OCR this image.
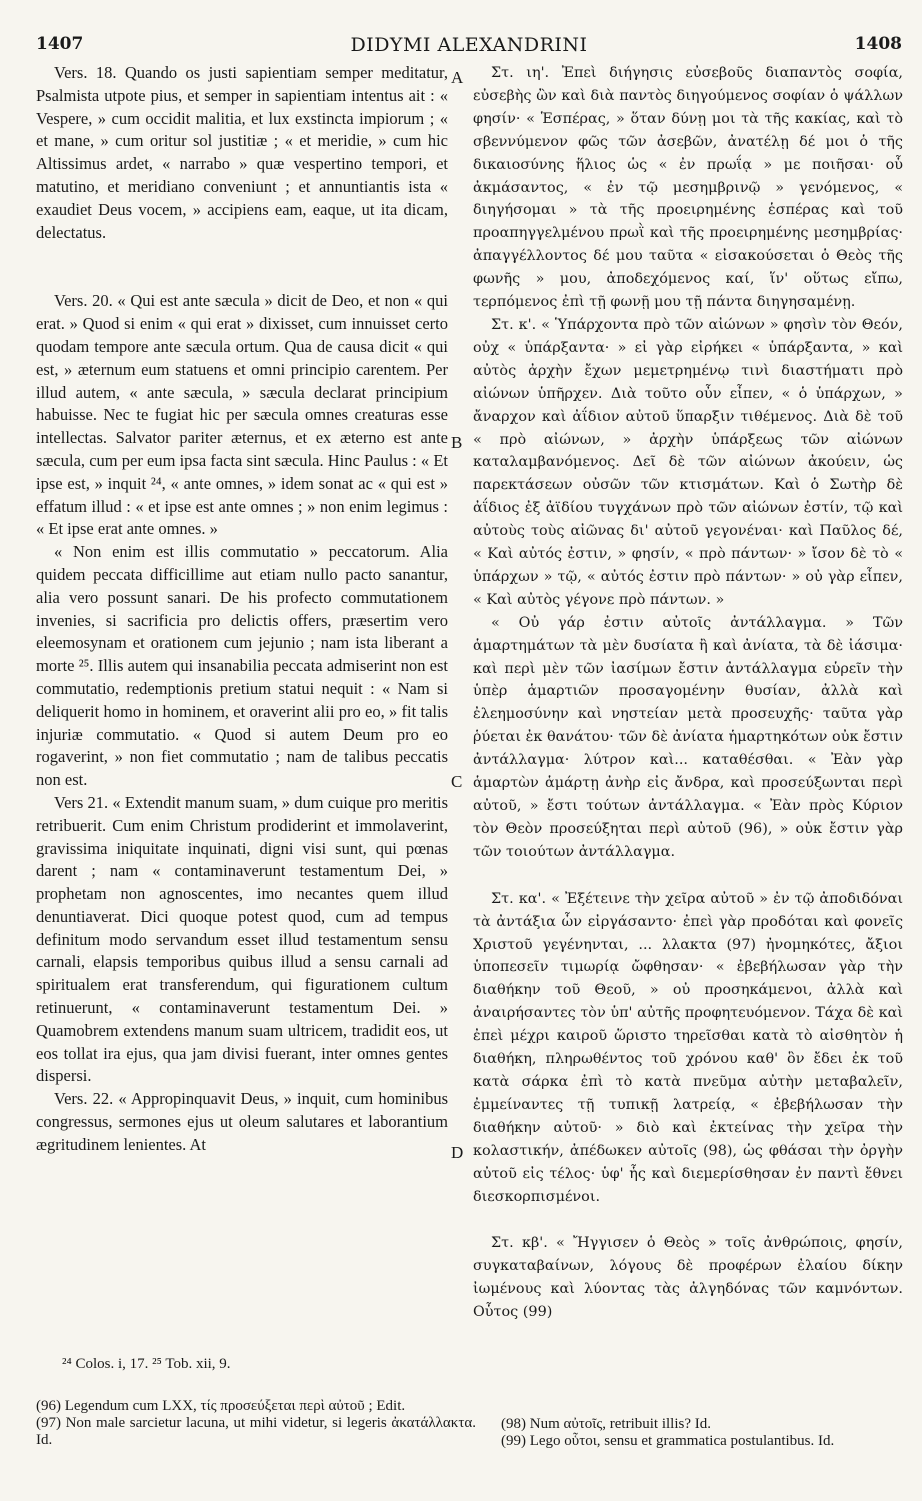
1407	DIDYMI ALEXANDRINI	1408

Vers. 18. Quando os justi sapientiam semper meditatur, Psalmista utpote pius, et semper in sapientiam intentus ait : « Vespere, » cum occidit malitia, et lux exstincta impiorum ; « et mane, » cum oritur sol justitiæ ; « et meridie, » cum hic Altissimus ardet, « narrabo » quæ vespertino tempori, et matutino, et meridiano conveniunt ; et annuntiantis ista « exaudiet Deus vocem, » accipiens eam, eaque, ut ita dicam, delectatus.

Vers. 20. « Qui est ante sæcula » dicit de Deo, et non « qui erat. » Quod si enim « qui erat » dixisset, cum innuisset certo quodam tempore ante sæcula ortum. Qua de causa dicit « qui est, » æternum eum statuens et omni principio carentem. Per illud autem, « ante sæcula, » sæcula declarat principium habuisse. Nec te fugiat hic per sæcula omnes creaturas esse intellectas. Salvator pariter æternus, et ex æterno est ante sæcula, cum per eum ipsa facta sint sæcula. Hinc Paulus : « Et ipse est, » inquit ²⁴, « ante omnes, » idem sonat ac « qui est » effatum illud : « et ipse est ante omnes ; » non enim legimus : « Et ipse erat ante omnes. »

« Non enim est illis commutatio » peccatorum. Alia quidem peccata difficillime aut etiam nullo pacto sanantur, alia vero possunt sanari. De his profecto commutationem invenies, si sacrificia pro delictis offers, præsertim vero eleemosynam et orationem cum jejunio ; nam ista liberant a morte ²⁵. Illis autem qui insanabilia peccata admiserint non est commutatio, redemptionis pretium statui nequit : « Nam si deliquerit homo in hominem, et oraverint alii pro eo, » fit talis injuriæ commutatio. « Quod si autem Deum pro eo rogaverint, » non fiet commutatio ; nam de talibus peccatis non est.

Vers 21. « Extendit manum suam, » dum cuique pro meritis retribuerit. Cum enim Christum prodiderint et immolaverint, gravissima iniquitate inquinati, digni visi sunt, qui pœnas darent ; nam « contaminaverunt testamentum Dei, » prophetam non agnoscentes, imo necantes quem illud denuntiaverat. Dici quoque potest quod, cum ad tempus definitum modo servandum esset illud testamentum sensu carnali, elapsis temporibus quibus illud a sensu carnali ad spiritualem erat transferendum, qui figurationem cultum retinuerunt, « contaminaverunt testamentum Dei. » Quamobrem extendens manum suam ultricem, tradidit eos, ut eos tollat ira ejus, qua jam divisi fuerant, inter omnes gentes dispersi.

Vers. 22. « Appropinquavit Deus, » inquit, cum hominibus congressus, sermones ejus ut oleum salutares et laborantium ægritudinem lenientes. At

A
B
C
D

Στ. ιη'. Ἐπεὶ διήγησις εὐσεβοῦς διαπαντὸς σοφία, εὐσεβὴς ὢν καὶ διὰ παντὸς διηγούμενος σοφίαν ὁ ψάλλων φησίν· « Ἑσπέρας, » ὅταν δύνῃ μοι τὰ τῆς κακίας, καὶ τὸ σβεννύμενον φῶς τῶν ἀσεβῶν, ἀνατέλῃ δέ μοι ὁ τῆς δικαιοσύνης ἥλιος ὡς « ἐν πρωΐᾳ » με ποιῆσαι· οὗ ἀκμάσαντος, « ἐν τῷ μεσημβρινῷ » γενόμενος, « διηγήσομαι » τὰ τῆς προειρημένης ἑσπέρας καὶ τοῦ προαπηγγελμένου πρωῒ καὶ τῆς προειρημένης μεσημβρίας· ἀπαγγέλλοντος δέ μου ταῦτα « εἰσακούσεται ὁ Θεὸς τῆς φωνῆς » μου, ἀποδεχόμενος καί, ἵν' οὕτως εἴπω, τερπόμενος ἐπὶ τῇ φωνῇ μου τῇ πάντα διηγησαμένῃ.

Στ. κ'. « Ὑπάρχοντα πρὸ τῶν αἰώνων » φησὶν τὸν Θεόν, οὐχ « ὑπάρξαντα· » εἰ γὰρ εἰρήκει « ὑπάρξαντα, » καὶ αὐτὸς ἀρχὴν ἔχων μεμετρημένῳ τινὶ διαστήματι πρὸ αἰώνων ὑπῆρχεν. Διὰ τοῦτο οὖν εἶπεν, « ὁ ὑπάρχων, » ἄναρχον καὶ ἀΐδιον αὐτοῦ ὕπαρξιν τιθέμενος. Διὰ δὲ τοῦ « πρὸ αἰώνων, » ἀρχὴν ὑπάρξεως τῶν αἰώνων καταλαμβανόμενος. Δεῖ δὲ τῶν αἰώνων ἀκούειν, ὡς παρεκτάσεων οὐσῶν τῶν κτισμάτων. Καὶ ὁ Σωτὴρ δὲ ἀΐδιος ἐξ ἀϊδίου τυγχάνων πρὸ τῶν αἰώνων ἐστίν, τῷ καὶ αὐτοὺς τοὺς αἰῶνας δι' αὐτοῦ γεγονέναι· καὶ Παῦλος δέ, « Καὶ αὐτός ἐστιν, » φησίν, « πρὸ πάντων· » ἴσον δὲ τὸ « ὑπάρχων » τῷ, « αὐτός ἐστιν πρὸ πάντων· » οὐ γὰρ εἶπεν, « Καὶ αὐτὸς γέγονε πρὸ πάντων. »

« Οὐ γάρ ἐστιν αὐτοῖς ἀντάλλαγμα. » Τῶν ἁμαρτημάτων τὰ μὲν δυσίατα ἢ καὶ ἀνίατα, τὰ δὲ ἰάσιμα· καὶ περὶ μὲν τῶν ἰασίμων ἔστιν ἀντάλλαγμα εὑρεῖν τὴν ὑπὲρ ἁμαρτιῶν προσαγομένην θυσίαν, ἀλλὰ καὶ ἐλεημοσύνην καὶ νηστείαν μετὰ προσευχῆς· ταῦτα γὰρ ῥύεται ἐκ θανάτου· τῶν δὲ ἀνίατα ἡμαρτηκότων οὐκ ἔστιν ἀντάλλαγμα· λύτρον καὶ... καταθέσθαι. « Ἐὰν γὰρ ἁμαρτὼν ἁμάρτῃ ἀνὴρ εἰς ἄνδρα, καὶ προσεύξωνται περὶ αὐτοῦ, » ἔστι τούτων ἀντάλλαγμα. « Ἐὰν πρὸς Κύριον τὸν Θεὸν προσεύξηται περὶ αὐτοῦ (96), » οὐκ ἔστιν γὰρ τῶν τοιούτων ἀντάλλαγμα.

Στ. κα'. « Ἐξέτεινε τὴν χεῖρα αὐτοῦ » ἐν τῷ ἀποδιδόναι τὰ ἀντάξια ὧν εἰργάσαντο· ἐπεὶ γὰρ προδόται καὶ φονεῖς Χριστοῦ γεγένηνται, ... λλακτα (97) ἠνομηκότες, ἄξιοι ὑποπεσεῖν τιμωρίᾳ ὤφθησαν· « ἐβεβήλωσαν γὰρ τὴν διαθήκην τοῦ Θεοῦ, » οὐ προσηκάμενοι, ἀλλὰ καὶ ἀναιρήσαντες τὸν ὑπ' αὐτῆς προφητευόμενον. Τάχα δὲ καὶ ἐπεὶ μέχρι καιροῦ ὥριστο τηρεῖσθαι κατὰ τὸ αἰσθητὸν ἡ διαθήκη, πληρωθέντος τοῦ χρόνου καθ' ὃν ἔδει ἐκ τοῦ κατὰ σάρκα ἐπὶ τὸ κατὰ πνεῦμα αὐτὴν μεταβαλεῖν, ἐμμείναντες τῇ τυπικῇ λατρείᾳ, « ἐβεβήλωσαν τὴν διαθήκην αὐτοῦ· » διὸ καὶ ἐκτείνας τὴν χεῖρα τὴν κολαστικήν, ἀπέδωκεν αὐτοῖς (98), ὡς φθάσαι τὴν ὀργὴν αὐτοῦ εἰς τέλος· ὑφ' ἧς καὶ διεμερίσθησαν ἐν παντὶ ἔθνει διεσκορπισμένοι.

Στ. κβ'. « Ἤγγισεν ὁ Θεὸς » τοῖς ἀνθρώποις, φησίν, συγκαταβαίνων, λόγους δὲ προφέρων ἐλαίου δίκην ἰωμένους καὶ λύοντας τὰς ἀλγηδόνας τῶν καμνόντων. Οὗτος (99)

²⁴ Colos. i, 17. ²⁵ Tob. xii, 9.
(96) Legendum cum LXX, τίς προσεύξεται περὶ αὐτοῦ ; Edit.
(97) Non male sarcietur lacuna, ut mihi videtur, si legeris ἀκατάλλακτα. Id.
(98) Num αὐτοῖς, retribuit illis? Id.
(99) Lego οὗτοι, sensu et grammatica postulantibus. Id.
